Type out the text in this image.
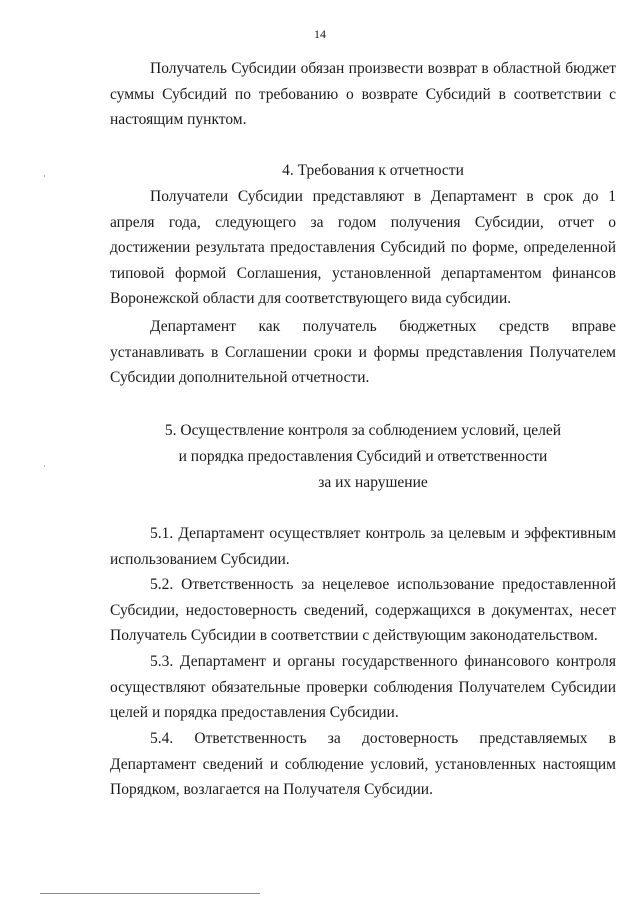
14

Получатель Субсидии обязан произвести возврат в областной бюджет суммы Субсидий по требованию о возврате Субсидий в соответствии с настоящим пунктом.

4. Требования к отчетности

Получатели Субсидии представляют в Департамент в срок до 1 апреля года, следующего за годом получения Субсидии, отчет о достижении результата предоставления Субсидий по форме, определенной типовой формой Соглашения, установленной департаментом финансов Воронежской области для соответствующего вида субсидии.

Департамент как получатель бюджетных средств вправе устанавливать в Соглашении сроки и формы представления Получателем Субсидии дополнительной отчетности.

5. Осуществление контроля за соблюдением условий, целей
и порядка предоставления Субсидий и ответственности
за их нарушение

5.1. Департамент осуществляет контроль за целевым и эффективным использованием Субсидии.

5.2. Ответственность за нецелевое использование предоставленной Субсидии, недостоверность сведений, содержащихся в документах, несет Получатель Субсидии в соответствии с действующим законодательством.

5.3. Департамент и органы государственного финансового контроля осуществляют обязательные проверки соблюдения Получателем Субсидии целей и порядка предоставления Субсидии.

5.4. Ответственность за достоверность представляемых в Департамент сведений и соблюдение условий, установленных настоящим Порядком, возлагается на Получателя Субсидии.
